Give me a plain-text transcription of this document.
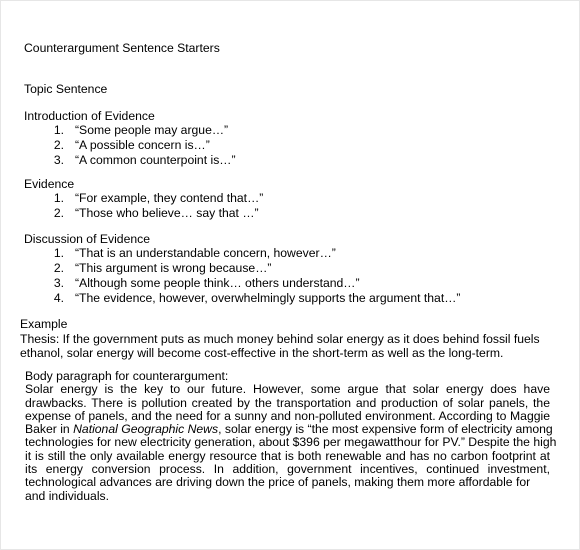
Counterargument Sentence Starters
Topic Sentence
Introduction of Evidence
1. “Some people may argue…”
2. “A possible concern is…”
3. “A common counterpoint is…”
Evidence
1. “For example, they contend that…”
2. “Those who believe… say that …”
Discussion of Evidence
1. “That is an understandable concern, however…”
2. “This argument is wrong because…”
3. “Although some people think… others understand…”
4. “The evidence, however, overwhelmingly supports the argument that…”
Example
Thesis: If the government puts as much money behind solar energy as it does behind fossil fuels
ethanol, solar energy will become cost-effective in the short-term as well as the long-term.
Body paragraph for counterargument:
Solar energy is the key to our future. However, some argue that solar energy does have
drawbacks. There is pollution created by the transportation and production of solar panels, the
expense of panels, and the need for a sunny and non-polluted environment. According to Maggie
Baker in National Geographic News, solar energy is “the most expensive form of electricity among
technologies for new electricity generation, about $396 per megawatthour for PV.” Despite the high
it is still the only available energy resource that is both renewable and has no carbon footprint at
its energy conversion process. In addition, government incentives, continued investment,
technological advances are driving down the price of panels, making them more affordable for
and individuals.
